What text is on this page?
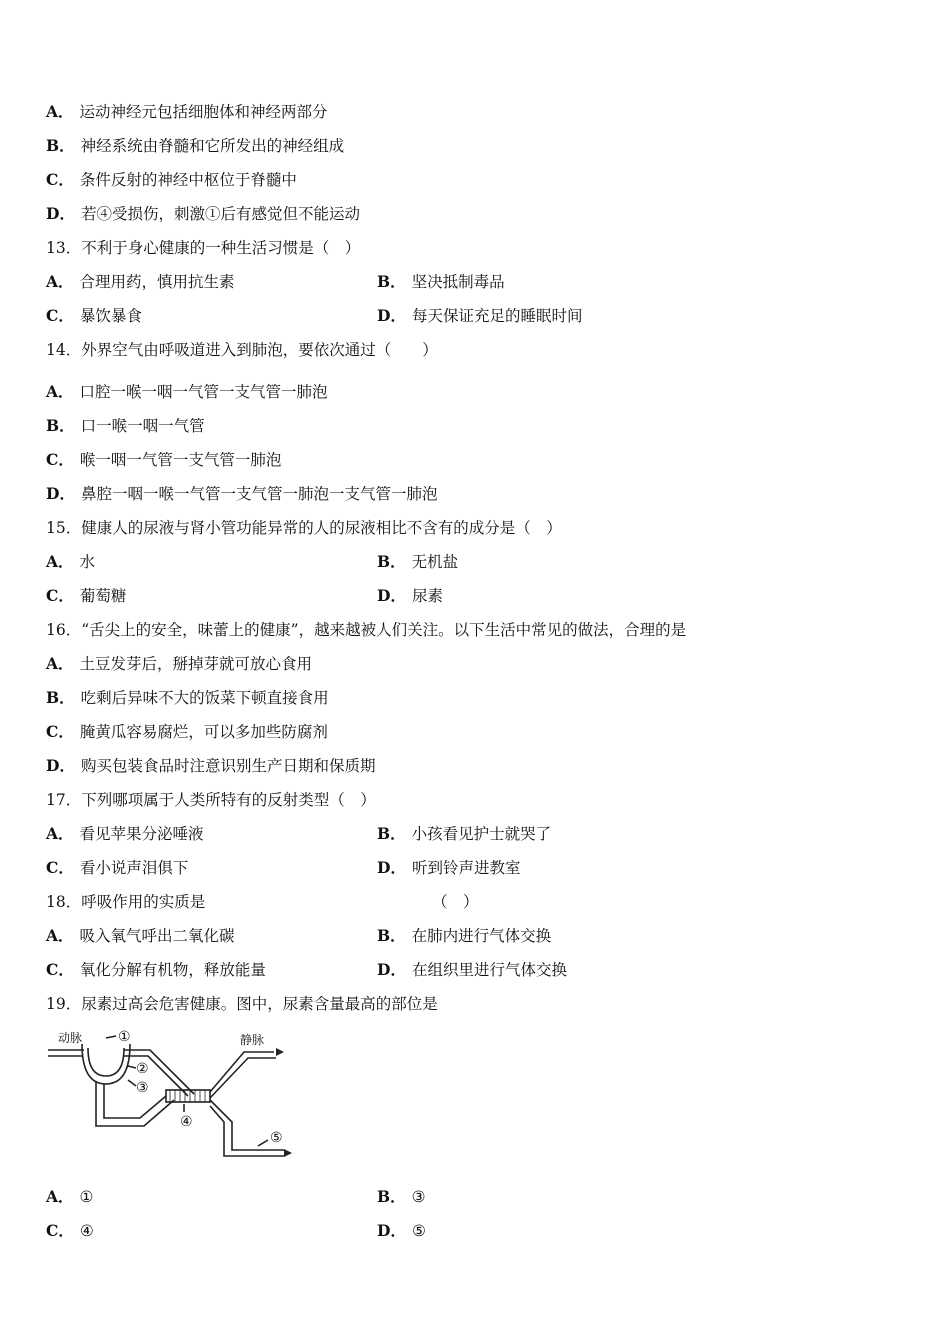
A． 运动神经元包括细胞体和神经两部分
B． 神经系统由脊髓和它所发出的神经组成
C． 条件反射的神经中枢位于脊髓中
D． 若④受损伤，刺激①后有感觉但不能运动
13．不利于身心健康的一种生活习惯是（　）
A． 合理用药，慎用抗生素	B． 坚决抵制毒品
C． 暴饮暴食	D． 每天保证充足的睡眠时间
14．外界空气由呼吸道进入到肺泡，要依次通过（　　）
A． 口腔一喉一咽一气管一支气管一肺泡
B． 口一喉一咽一气管
C． 喉一咽一气管一支气管一肺泡
D． 鼻腔一咽一喉一气管一支气管一肺泡一支气管一肺泡
15．健康人的尿液与肾小管功能异常的人的尿液相比不含有的成分是（　）
A． 水	B． 无机盐
C． 葡萄糖	D． 尿素
16．“舌尖上的安全，味蕾上的健康”，越来越被人们关注。以下生活中常见的做法，合理的是
A． 土豆发芽后，掰掉芽就可放心食用
B． 吃剩后异味不大的饭菜下顿直接食用
C． 腌黄瓜容易腐烂，可以多加些防腐剂
D． 购买包装食品时注意识别生产日期和保质期
17．下列哪项属于人类所特有的反射类型（　）
A． 看见苹果分泌唾液	B． 小孩看见护士就哭了
C． 看小说声泪俱下	D． 听到铃声进教室
18．呼吸作用的实质是	（　）
A． 吸入氧气呼出二氧化碳	B． 在肺内进行气体交换
C． 氧化分解有机物，释放能量	D． 在组织里进行气体交换
19．尿素过高会危害健康。图中，尿素含量最高的部位是
动脉	静脉
①
②
③
④
⑤
A． ①	B． ③
C． ④	D． ⑤
